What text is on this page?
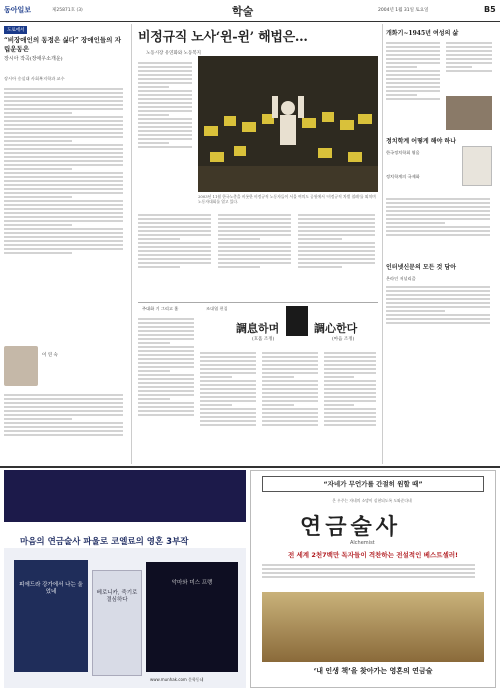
동아일보	제25871호 (3)	학술	2004년 1월 31일 토요일	B5
도로에서
“비장애인의 동정은 싫다” 장애인들의 자립운동은
장시아 작곡(장애우소개운)
장시아 숭실대 사회복지학과 교수
이 연 숙
비정규직 노사‘윈-윈’ 해법은…
노동시장 유연화와 노동복지
2003년 11월 한국노총을 비롯한 비정규직 노동자들이 서울 여의도 공원에서 '비정규직 차별 철폐'를 외치며 노동자대회를 열고 있다.
주대화 기 그리고 홈	조대엽 편집
調息하며
(호흡 조정)
調心한다
(마음 조정)
개화기~1945년 여성의 삶
정치학계 어떻게 해야 하나
한국정치학회 엮음
정치학계의 국제화
인터넷신문의 모든 것 담아
온라인 저널리즘
마음의 연금술사 파울로 코엘료의 영혼 3부작
피에드라 강가에서 나는 울었네	베로니카, 죽기로 결심하다
악마와 미스 프랭
www.munhak.com 문학동네
“자네가 무언가를 간절히 원할 때”
온 우주는 자네의 소망이 실현되도록 도와준다네
연금술사
Alchemist
전 세계 2천7백만 독자들이 격찬하는 전설적인 베스트셀러!
‘내 인생 책’을 찾아가는 영혼의 연금술
